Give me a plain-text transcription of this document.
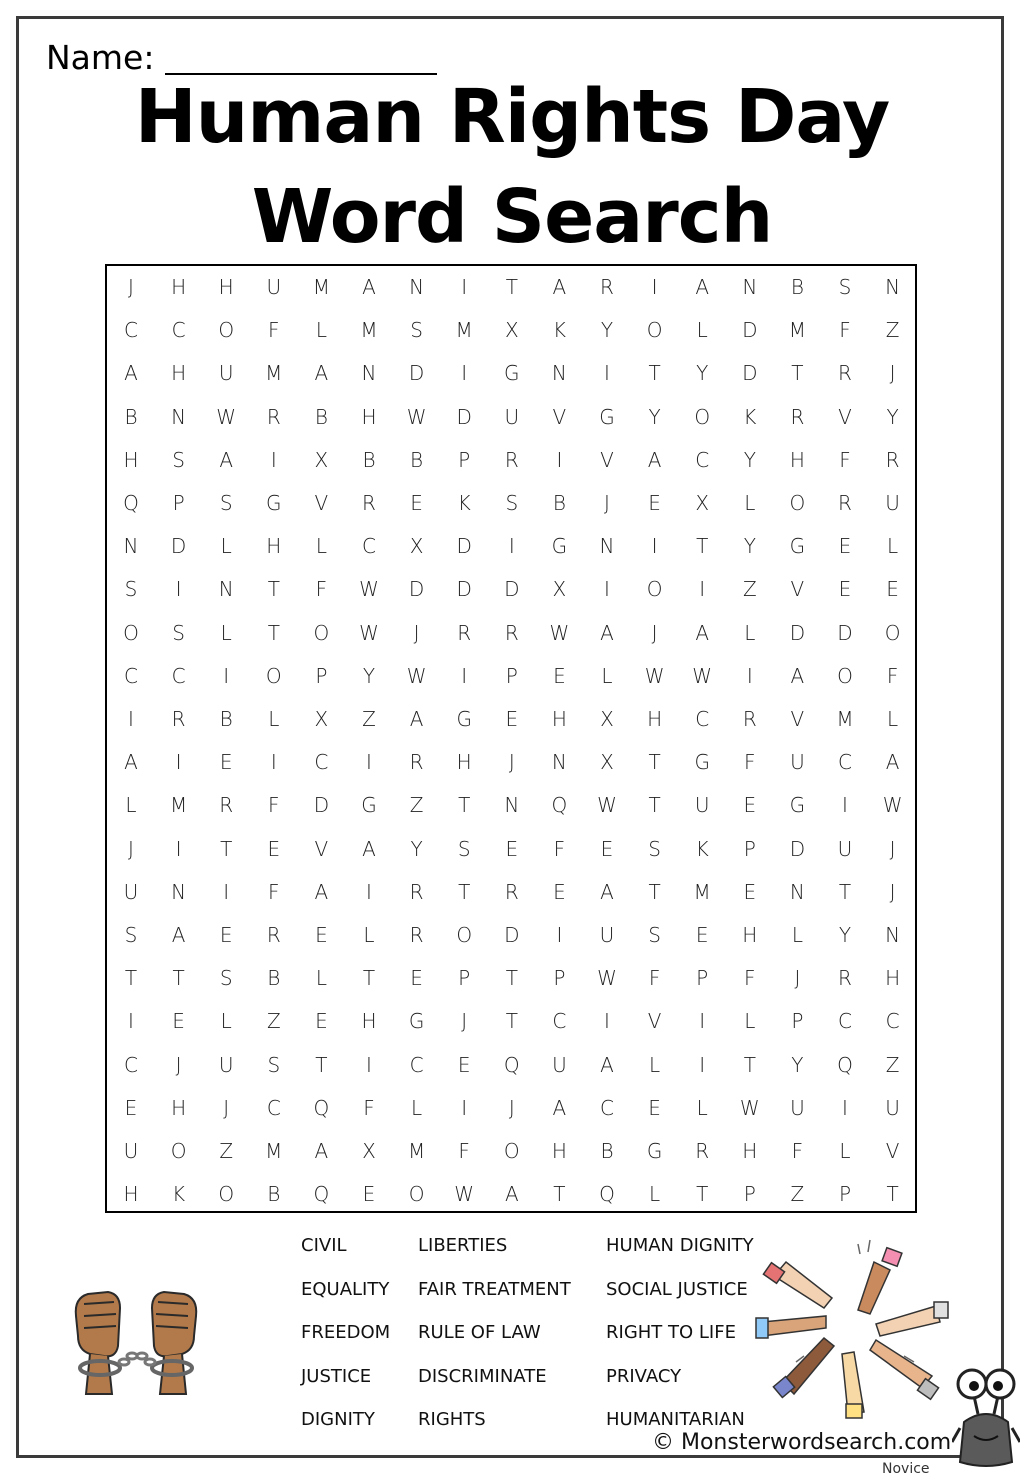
Name:
Human Rights Day
Word Search
J	H	H	U	M	A	N	I	T	A	R	I	A	N	B	S	N
C	C	O	F	L	M	S	M	X	K	Y	O	L	D	M	F	Z
A	H	U	M	A	N	D	I	G	N	I	T	Y	D	T	R	J
B	N	W	R	B	H	W	D	U	V	G	Y	O	K	R	V	Y
H	S	A	I	X	B	B	P	R	I	V	A	C	Y	H	F	R
Q	P	S	G	V	R	E	K	S	B	J	E	X	L	O	R	U
N	D	L	H	L	C	X	D	I	G	N	I	T	Y	G	E	L
S	I	N	T	F	W	D	D	D	X	I	O	I	Z	V	E	E
O	S	L	T	O	W	J	R	R	W	A	J	A	L	D	D	O
C	C	I	O	P	Y	W	I	P	E	L	W	W	I	A	O	F
I	R	B	L	X	Z	A	G	E	H	X	H	C	R	V	M	L
A	I	E	I	C	I	R	H	J	N	X	T	G	F	U	C	A
L	M	R	F	D	G	Z	T	N	Q	W	T	U	E	G	I	W
J	I	T	E	V	A	Y	S	E	F	E	S	K	P	D	U	J
U	N	I	F	A	I	R	T	R	E	A	T	M	E	N	T	J
S	A	E	R	E	L	R	O	D	I	U	S	E	H	L	Y	N
T	T	S	B	L	T	E	P	T	P	W	F	P	F	J	R	H
I	E	L	Z	E	H	G	J	T	C	I	V	I	L	P	C	C
C	J	U	S	T	I	C	E	Q	U	A	L	I	T	Y	Q	Z
E	H	J	C	Q	F	L	I	J	A	C	E	L	W	U	I	U
U	O	Z	M	A	X	M	F	O	H	B	G	R	H	F	L	V
H	K	O	B	Q	E	O	W	A	T	Q	L	T	P	Z	P	T
CIVIL
EQUALITY
FREEDOM
JUSTICE
DIGNITY
LIBERTIES
FAIR TREATMENT
RULE OF LAW
DISCRIMINATE
RIGHTS
HUMAN DIGNITY
SOCIAL JUSTICE
RIGHT TO LIFE
PRIVACY
HUMANITARIAN
© Monsterwordsearch.com
Novice
